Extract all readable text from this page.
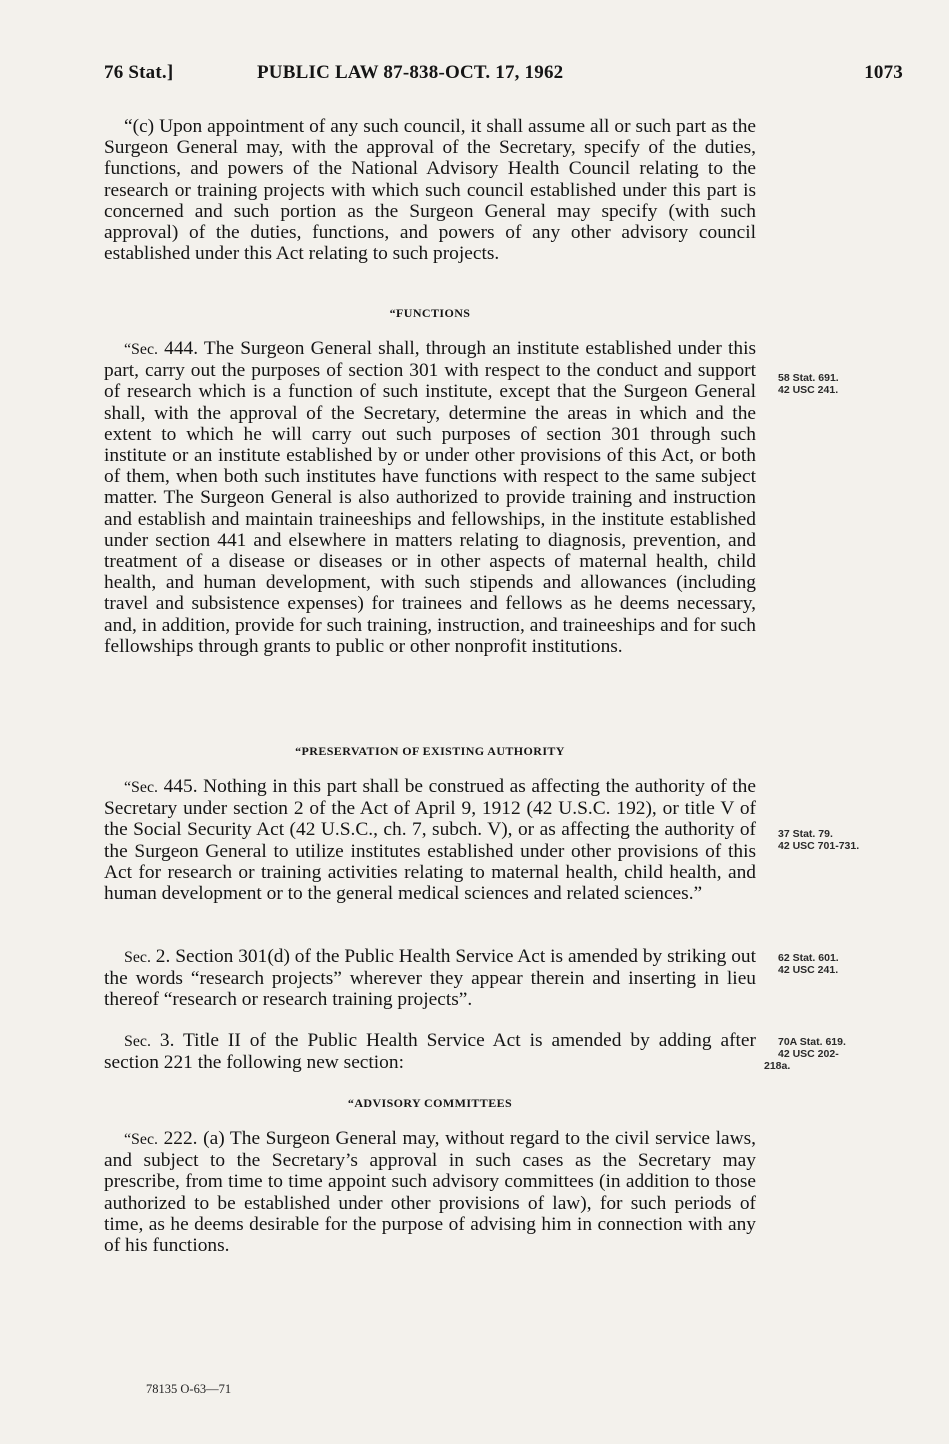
76 Stat.]	PUBLIC LAW 87-838-OCT. 17, 1962	1073

“(c) Upon appointment of any such council, it shall assume all or such part as the Surgeon General may, with the approval of the Secretary, specify of the duties, functions, and powers of the National Advisory Health Council relating to the research or training projects with which such council established under this part is concerned and such portion as the Surgeon General may specify (with such approval) of the duties, functions, and powers of any other advisory council established under this Act relating to such projects.

“FUNCTIONS

“Sec. 444. The Surgeon General shall, through an institute established under this part, carry out the purposes of section 301 with respect to the conduct and support of research which is a function of such institute, except that the Surgeon General shall, with the approval of the Secretary, determine the areas in which and the extent to which he will carry out such purposes of section 301 through such institute or an institute established by or under other provisions of this Act, or both of them, when both such institutes have functions with respect to the same subject matter. The Surgeon General is also authorized to provide training and instruction and establish and maintain traineeships and fellowships, in the institute established under section 441 and elsewhere in matters relating to diagnosis, prevention, and treatment of a disease or diseases or in other aspects of maternal health, child health, and human development, with such stipends and allowances (including travel and subsistence expenses) for trainees and fellows as he deems necessary, and, in addition, provide for such training, instruction, and traineeships and for such fellowships through grants to public or other nonprofit institutions.

“PRESERVATION OF EXISTING AUTHORITY

“Sec. 445. Nothing in this part shall be construed as affecting the authority of the Secretary under section 2 of the Act of April 9, 1912 (42 U.S.C. 192), or title V of the Social Security Act (42 U.S.C., ch. 7, subch. V), or as affecting the authority of the Surgeon General to utilize institutes established under other provisions of this Act for research or training activities relating to maternal health, child health, and human development or to the general medical sciences and related sciences.”

Sec. 2. Section 301(d) of the Public Health Service Act is amended by striking out the words “research projects” wherever they appear therein and inserting in lieu thereof “research or research training projects”.

Sec. 3. Title II of the Public Health Service Act is amended by adding after section 221 the following new section:

“ADVISORY COMMITTEES

“Sec. 222. (a) The Surgeon General may, without regard to the civil service laws, and subject to the Secretary’s approval in such cases as the Secretary may prescribe, from time to time appoint such advisory committees (in addition to those authorized to be established under other provisions of law), for such periods of time, as he deems desirable for the purpose of advising him in connection with any of his functions.

58 Stat. 691.
42 USC 241.
37 Stat. 79.
42 USC 701-731.
62 Stat. 601.
42 USC 241.
70A Stat. 619.
42 USC 202-
218a.
78135 O-63—71
